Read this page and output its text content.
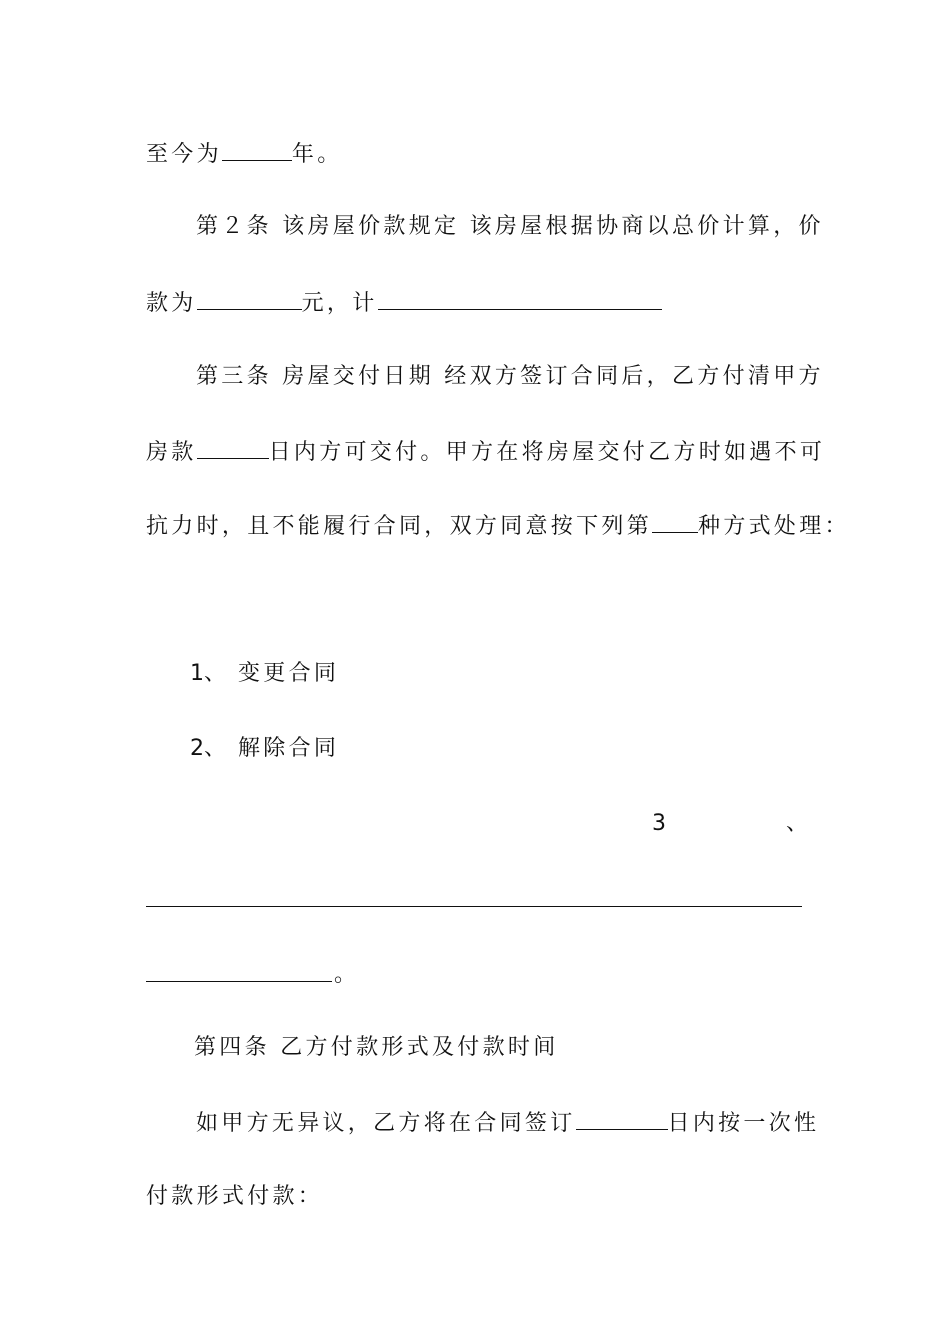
至今为	年。
第２条 该房屋价款规定 该房屋根据协商以总价计算，价
款为	元，计
第三条 房屋交付日期 经双方签订合同后，乙方付清甲方
房款	日内方可交付。甲方在将房屋交付乙方时如遇不可
抗力时，且不能履行合同，双方同意按下列第 种方式处理：
1、 变更合同
2、 解除合同
3	、
。
第四条 乙方付款形式及付款时间
如甲方无异议，乙方将在合同签订	日内按一次性
付款形式付款：
